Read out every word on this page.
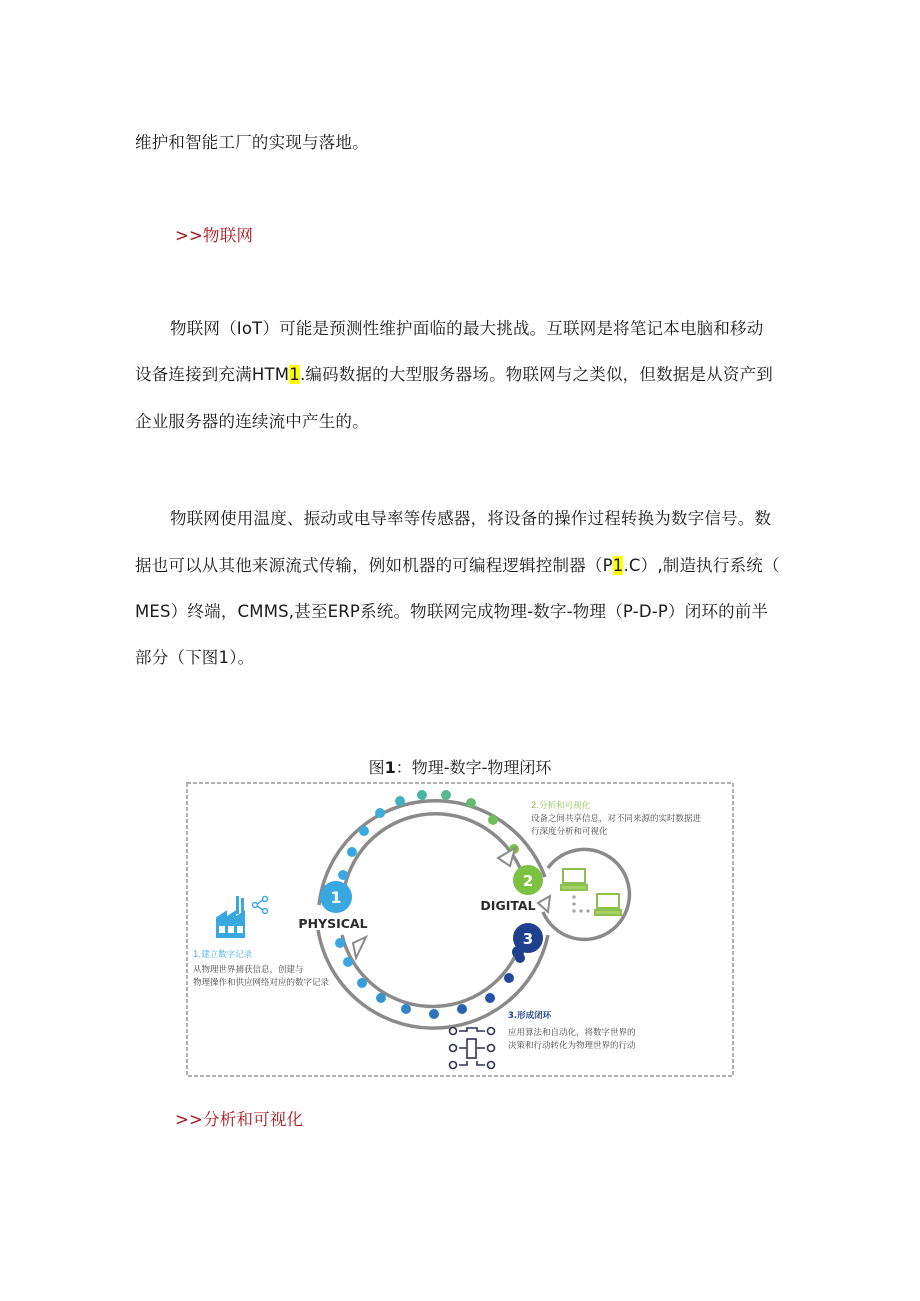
维护和智能工厂的实现与落地。
>>物联网
物联网（IoT）可能是预测性维护面临的最大挑战。互联网是将笔记本电脑和移动
设备连接到充满HTM1.编码数据的大型服务器场。物联网与之类似，但数据是从资产到
企业服务器的连续流中产生的。
物联网使用温度、振动或电导率等传感器，将设备的操作过程转换为数字信号。数
据也可以从其他来源流式传输，例如机器的可编程逻辑控制器（P1.C）,制造执行系统（
MES）终端，CMMS,甚至ERP系统。物联网完成物理-数字-物理（P-D-P）闭环的前半
部分（下图1）。
图1：物理-数字-物理闭环
1
PHYSICAL
2
DIGITAL
3
1.建立数字记录
从物理世界捕获信息，创建与
物理操作和供应网络对应的数字记录
2.分析和可视化
设备之间共享信息，对不同来源的实时数据进
行深度分析和可视化
3.形成闭环
应用算法和自动化，将数字世界的
决策和行动转化为物理世界的行动
>>分析和可视化
